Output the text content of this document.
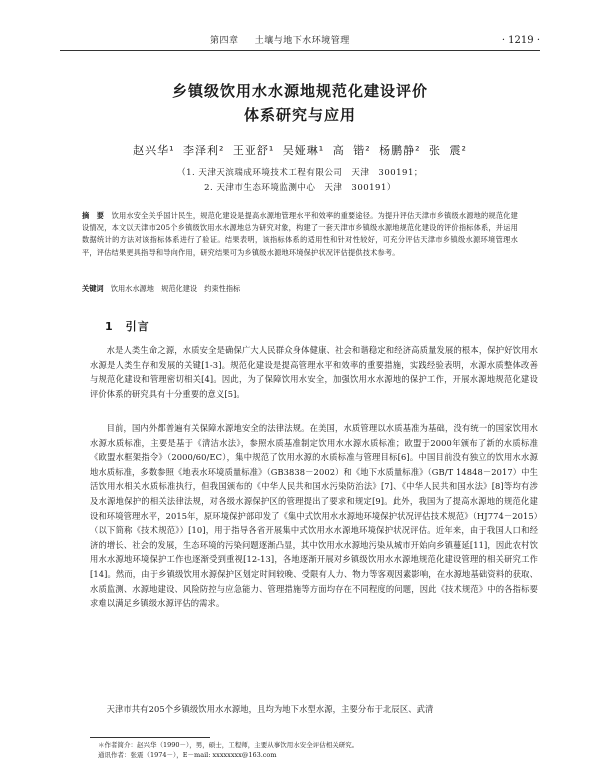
第四章 　 土壤与地下水环境管理	· 1219 ·
乡镇级饮用水水源地规范化建设评价
体系研究与应用
赵兴华¹ 李泽利² 王亚舒¹ 吴娅琳¹ 高 锴² 杨鹏静² 张 震²
（1. 天津天滨瑞成环境技术工程有限公司　天津　300191；
2. 天津市生态环境监测中心　天津　300191）
摘　要　 饮用水安全关乎国计民生，规范化建设是提高水源地管理水平和效率的重要途径。为提升评估天津市乡镇级水源地的规范化建设情况，本文以天津市205个乡镇级饮用水水源地总为研究对象，构建了一套天津市乡镇级水源地规范化建设的评价指标体系，并运用数据统计的方法对该指标体系进行了验证。结果表明，该指标体系的适用性和针对性较好，可充分评估天津市乡镇级水源环境管理水平，评估结果更具指导和导向作用，研究结果可为乡镇级水源地环境保护状况评估提供技术参考。
关键词　 饮用水水源地　 规范化建设　 约束性指标
1　 引言
水是人类生命之源，水质安全是确保广大人民群众身体健康、社会和谐稳定和经济高质量发展的根本，保护好饮用水水源是人类生存和发展的关键[1-3]。规范化建设是提高管理水平和效率的重要措施，实践经验表明，水源水质整体改善与规范化建设和管理密切相关[4]。因此，为了保障饮用水安全，加强饮用水水源地的保护工作，开展水源地规范化建设评价体系的研究具有十分重要的意义[5]。
目前，国内外都普遍有关保障水源地安全的法律法规。在美国，水质管理以水质基准为基础，没有统一的国家饮用水水源水质标准，主要是基于《清洁水法》，参照水质基准制定饮用水水源水质标准；欧盟于2000年颁布了新的水质标准《欧盟水框架指令》（2000/60/EC），集中规范了饮用水源的水质标准与管理目标[6]。中国目前没有独立的饮用水水源地水质标准，多数参照《地表水环境质量标准》（GB3838－2002）和《地下水质量标准》（GB/T 14848－2017）中生活饮用水相关水质标准执行，但我国颁布的《中华人民共和国水污染防治法》[7]、《中华人民共和国水法》[8]等均有涉及水源地保护的相关法律法规，对各级水源保护区的管理提出了要求和规定[9]。此外，我国为了提高水源地的规范化建设和环境管理水平，2015年，原环境保护部印发了《集中式饮用水水源地环境保护状况评估技术规范》（HJ774－2015）（以下简称《技术规范》）[10]，用于指导各省开展集中式饮用水水源地环境保护状况评估。近年来，由于我国人口和经济的增长、社会的发展，生态环境的污染问题逐渐凸显，其中饮用水水源地污染从城市开始向乡镇蔓延[11]，因此农村饮用水水源地环境保护工作也逐渐受到重视[12-13]，各地逐渐开展对乡镇级饮用水水源地规范化建设管理的相关研究工作[14]。然而，由于乡镇级饮用水源保护区划定时间较晚、受限有人力、物力等客观因素影响，在水源地基础资料的获取、水质监测、水源地建设、风险防控与应急能力、管理措施等方面均存在不同程度的问题，因此《技术规范》中的各指标要求难以满足乡镇级水源评估的需求。
天津市共有205个乡镇级饮用水水源地，且均为地下水型水源，主要分布于北辰区、武清
＊作者简介：赵兴华（1990－），男，硕士，工程师，主要从事饮用水安全评估相关研究。
通讯作者：张震（1974－），E－mail: xxxxxxxx@163.com
